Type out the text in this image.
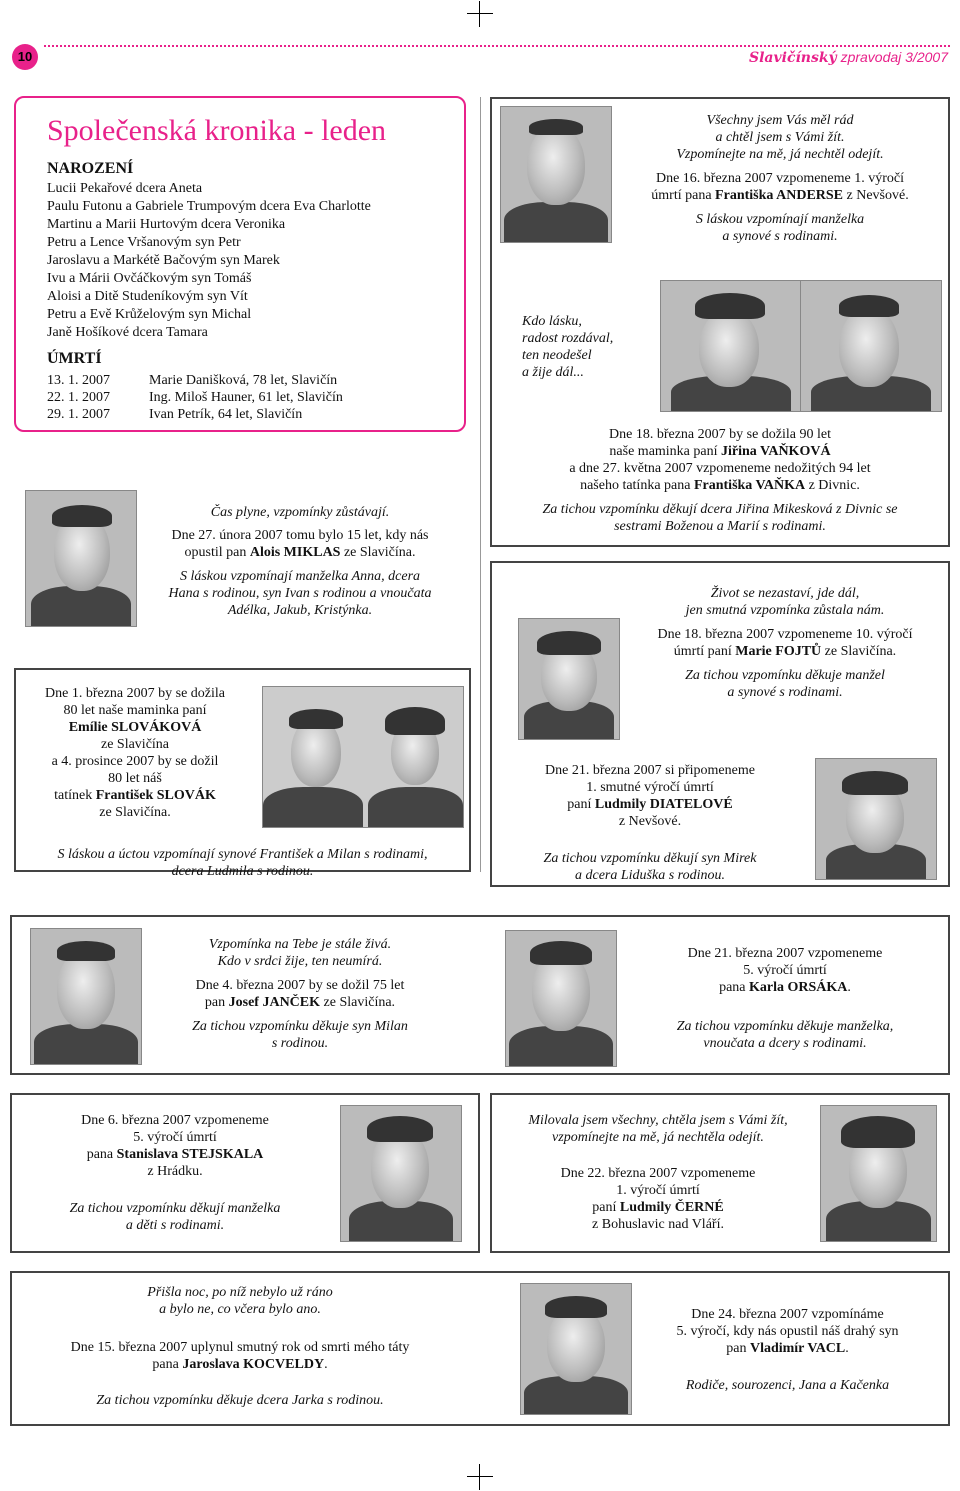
10	Slavičínský zpravodaj 3/2007
Společenská kronika - leden
NAROZENÍ
Lucii Pekařové dcera Aneta
Paulu Futonu a Gabriele Trumpovým dcera Eva Charlotte
Martinu a Marii Hurtovým dcera Veronika
Petru a Lence Vršanovým syn Petr
Jaroslavu a Markétě Bačovým syn Marek
Ivu a Márii Ovčáčkovým syn Tomáš
Aloisi a Ditě Studeníkovým syn Vít
Petru a Evě Krůželovým syn Michal
Janě Hošíkové dcera Tamara
ÚMRTÍ
13. 1. 2007	Marie Danišková, 78 let, Slavičín
22. 1. 2007	Ing. Miloš Hauner, 61 let, Slavičín
29. 1. 2007	Ivan Petrík, 64 let, Slavičín
Čas plyne, vzpomínky zůstávají.
Dne 27. února 2007 tomu bylo 15 let, kdy nás
opustil pan Alois MIKLAS ze Slavičína.
S láskou vzpomínají manželka Anna, dcera
Hana s rodinou, syn Ivan s rodinou a vnoučata
Adélka, Jakub, Kristýnka.
Dne 1. března 2007 by se dožila
80 let naše maminka paní
Emílie SLOVÁKOVÁ
ze Slavičína
a 4. prosince 2007 by se dožil
80 let náš
tatínek František SLOVÁK
ze Slavičína.
S láskou a úctou vzpomínají synové František a Milan s rodinami,
dcera Ludmila s rodinou.
Všechny jsem Vás měl rád
a chtěl jsem s Vámi žít.
Vzpomínejte na mě, já nechtěl odejít.
Dne 16. března 2007 vzpomeneme 1. výročí
úmrtí pana Františka ANDERSE z Nevšové.
S láskou vzpomínají manželka
a synové s rodinami.
Kdo lásku,
radost rozdával,
ten neodešel
a žije dál...
Dne 18. března 2007 by se dožila 90 let
naše maminka paní Jiřina VAŇKOVÁ
a dne 27. května 2007 vzpomeneme nedožitých 94 let
našeho tatínka pana Františka VAŇKA z Divnic.
Za tichou vzpomínku děkují dcera Jiřina Mikesková z Divnic se
sestrami Boženou a Marií s rodinami.
Život se nezastaví, jde dál,
jen smutná vzpomínka zůstala nám.
Dne 18. března 2007 vzpomeneme 10. výročí
úmrtí paní Marie FOJTŮ ze Slavičína.
Za tichou vzpomínku děkuje manžel
a synové s rodinami.
Dne 21. března 2007 si připomeneme
1. smutné výročí úmrtí
paní Ludmily DIATELOVÉ
z Nevšové.
Za tichou vzpomínku děkují syn Mirek
a dcera Liduška s rodinou.
Vzpomínka na Tebe je stále živá.
Kdo v srdci žije, ten neumírá.
Dne 4. března 2007 by se dožil 75 let
pan Josef JANČEK ze Slavičína.
Za tichou vzpomínku děkuje syn Milan
s rodinou.
Dne 21. března 2007 vzpomeneme
5. výročí úmrtí
pana Karla ORSÁKA.
Za tichou vzpomínku děkuje manželka,
vnoučata a dcery s rodinami.
Dne 6. března 2007 vzpomeneme
5. výročí úmrtí
pana Stanislava STEJSKALA
z Hrádku.
Za tichou vzpomínku děkují manželka
a děti s rodinami.
Milovala jsem všechny, chtěla jsem s Vámi žít,
vzpomínejte na mě, já nechtěla odejít.
Dne 22. března 2007 vzpomeneme
1. výročí úmrtí
paní Ludmily ČERNÉ
z Bohuslavic nad Vláří.
Přišla noc, po níž nebylo už ráno
a bylo ne, co včera bylo ano.
Dne 15. března 2007 uplynul smutný rok od smrti mého táty
pana Jaroslava KOCVELDY.
Za tichou vzpomínku děkuje dcera Jarka s rodinou.
Dne 24. března 2007 vzpomínáme
5. výročí, kdy nás opustil náš drahý syn
pan Vladimír VACL.
Rodiče, sourozenci, Jana a Kačenka
